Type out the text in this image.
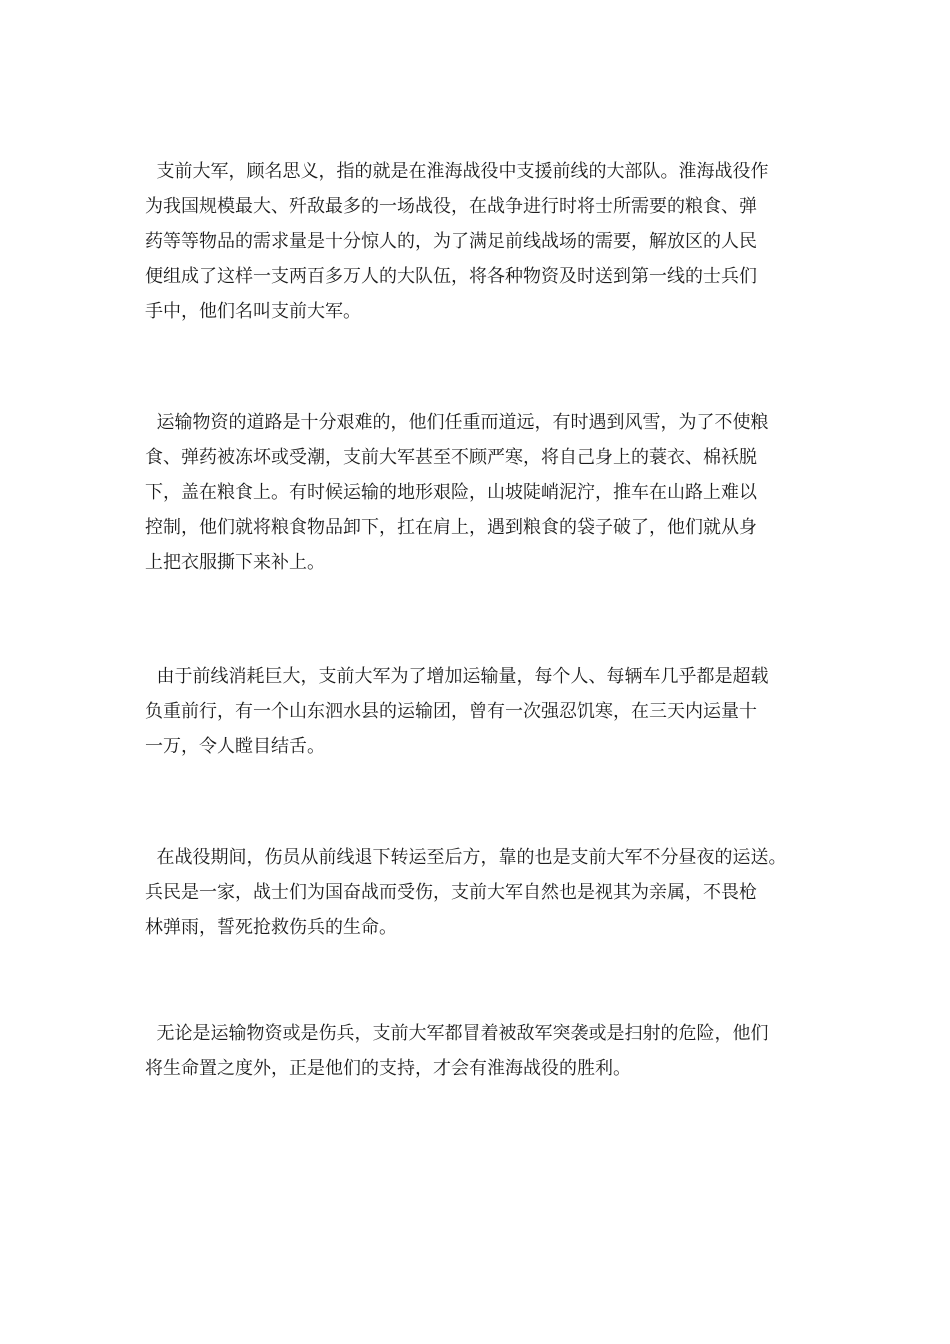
支前大军，顾名思义，指的就是在淮海战役中支援前线的大部队。淮海战役作
为我国规模最大、歼敌最多的一场战役，在战争进行时将士所需要的粮食、弹
药等等物品的需求量是十分惊人的，为了满足前线战场的需要，解放区的人民
便组成了这样一支两百多万人的大队伍，将各种物资及时送到第一线的士兵们
手中，他们名叫支前大军。
运输物资的道路是十分艰难的，他们任重而道远，有时遇到风雪，为了不使粮
食、弹药被冻坏或受潮，支前大军甚至不顾严寒，将自己身上的蓑衣、棉袄脱
下，盖在粮食上。有时候运输的地形艰险，山坡陡峭泥泞，推车在山路上难以
控制，他们就将粮食物品卸下，扛在肩上，遇到粮食的袋子破了，他们就从身
上把衣服撕下来补上。
由于前线消耗巨大，支前大军为了增加运输量，每个人、每辆车几乎都是超载
负重前行，有一个山东泗水县的运输团，曾有一次强忍饥寒，在三天内运量十
一万，令人瞠目结舌。
在战役期间，伤员从前线退下转运至后方，靠的也是支前大军不分昼夜的运送。
兵民是一家，战士们为国奋战而受伤，支前大军自然也是视其为亲属，不畏枪
林弹雨，誓死抢救伤兵的生命。
无论是运输物资或是伤兵，支前大军都冒着被敌军突袭或是扫射的危险，他们
将生命置之度外，正是他们的支持，才会有淮海战役的胜利。
